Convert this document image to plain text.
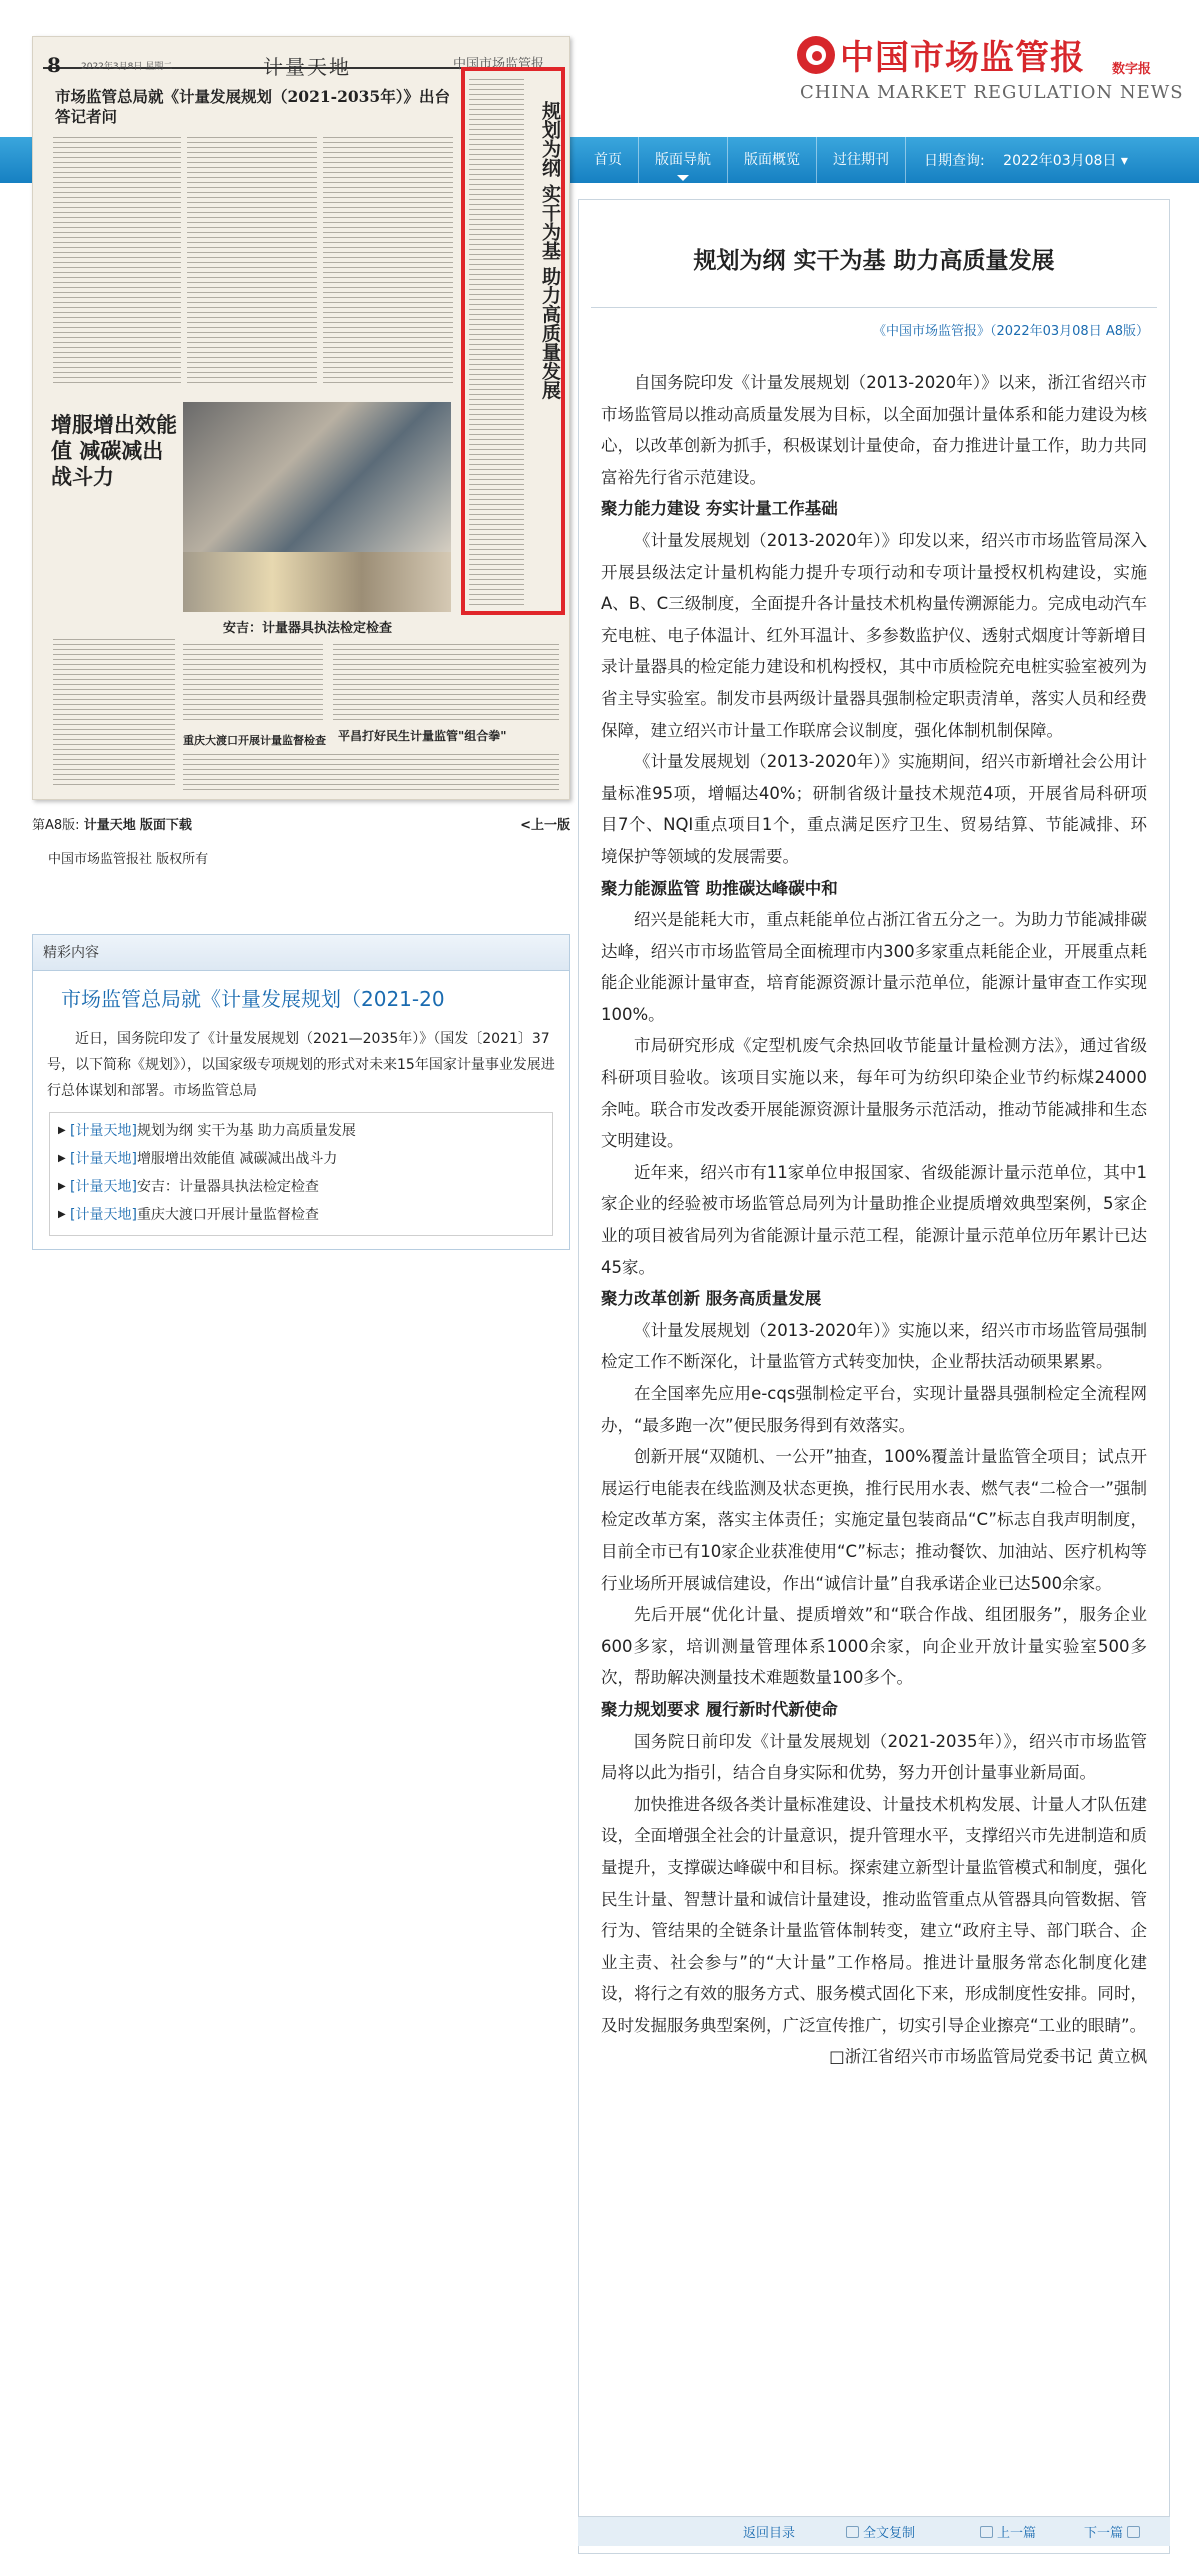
8 2022年3月8日 星期二	计量天地	中国市场监管报
市场监管总局就《计量发展规划（2021-2035年）》出台答记者问
增服增出效能值 减碳减出战斗力
安吉：计量器具执法检定检查
重庆大渡口开展计量监督检查 平昌打好民生计量监管"组合拳"
规划为纲 实干为基 助力高质量发展
第A8版: 计量天地 版面下载	<上一版
中国市场监管报社 版权所有
精彩内容
市场监管总局就《计量发展规划（2021-20
近日，国务院印发了《计量发展规划（2021—2035年）》（国发〔2021〕37号，以下简称《规划》），以国家级专项规划的形式对未来15年国家计量事业发展进行总体谋划和部署。市场监管总局
▶ [计量天地]规划为纲 实干为基 助力高质量发展
▶ [计量天地]增服增出效能值 减碳减出战斗力
▶ [计量天地]安吉：计量器具执法检定检查
▶ [计量天地]重庆大渡口开展计量监督检查
中国市场监管报 数字报
CHINA MARKET REGULATION NEWS
首页	版面导航	版面概览	过往期刊	日期查询: 2022年03月08日 ▾
规划为纲 实干为基 助力高质量发展
《中国市场监管报》（2022年03月08日 A8版）

自国务院印发《计量发展规划（2013-2020年）》以来，浙江省绍兴市市场监管局以推动高质量发展为目标，以全面加强计量体系和能力建设为核心，以改革创新为抓手，积极谋划计量使命，奋力推进计量工作，助力共同富裕先行省示范建设。

聚力能力建设 夯实计量工作基础

《计量发展规划（2013-2020年）》印发以来，绍兴市市场监管局深入开展县级法定计量机构能力提升专项行动和专项计量授权机构建设，实施A、B、C三级制度，全面提升各计量技术机构量传溯源能力。完成电动汽车充电桩、电子体温计、红外耳温计、多参数监护仪、透射式烟度计等新增目录计量器具的检定能力建设和机构授权，其中市质检院充电桩实验室被列为省主导实验室。制发市县两级计量器具强制检定职责清单，落实人员和经费保障，建立绍兴市计量工作联席会议制度，强化体制机制保障。

《计量发展规划（2013-2020年）》实施期间，绍兴市新增社会公用计量标准95项，增幅达40%；研制省级计量技术规范4项，开展省局科研项目7个、NQI重点项目1个，重点满足医疗卫生、贸易结算、节能减排、环境保护等领域的发展需要。

聚力能源监管 助推碳达峰碳中和

绍兴是能耗大市，重点耗能单位占浙江省五分之一。为助力节能减排碳达峰，绍兴市市场监管局全面梳理市内300多家重点耗能企业，开展重点耗能企业能源计量审查，培育能源资源计量示范单位，能源计量审查工作实现100%。

市局研究形成《定型机废气余热回收节能量计量检测方法》，通过省级科研项目验收。该项目实施以来，每年可为纺织印染企业节约标煤24000余吨。联合市发改委开展能源资源计量服务示范活动，推动节能减排和生态文明建设。

近年来，绍兴市有11家单位申报国家、省级能源计量示范单位，其中1家企业的经验被市场监管总局列为计量助推企业提质增效典型案例，5家企业的项目被省局列为省能源计量示范工程，能源计量示范单位历年累计已达45家。

聚力改革创新 服务高质量发展

《计量发展规划（2013-2020年）》实施以来，绍兴市市场监管局强制检定工作不断深化，计量监管方式转变加快，企业帮扶活动硕果累累。

在全国率先应用e-cqs强制检定平台，实现计量器具强制检定全流程网办，“最多跑一次”便民服务得到有效落实。

创新开展“双随机、一公开”抽查，100%覆盖计量监管全项目；试点开展运行电能表在线监测及状态更换，推行民用水表、燃气表“二检合一”强制检定改革方案，落实主体责任；实施定量包装商品“C”标志自我声明制度，目前全市已有10家企业获准使用“C”标志；推动餐饮、加油站、医疗机构等行业场所开展诚信建设，作出“诚信计量”自我承诺企业已达500余家。

先后开展“优化计量、提质增效”和“联合作战、组团服务”，服务企业600多家，培训测量管理体系1000余家，向企业开放计量实验室500多次，帮助解决测量技术难题数量100多个。

聚力规划要求 履行新时代新使命

国务院日前印发《计量发展规划（2021-2035年）》，绍兴市市场监管局将以此为指引，结合自身实际和优势，努力开创计量事业新局面。

加快推进各级各类计量标准建设、计量技术机构发展、计量人才队伍建设，全面增强全社会的计量意识，提升管理水平，支撑绍兴市先进制造和质量提升，支撑碳达峰碳中和目标。探索建立新型计量监管模式和制度，强化民生计量、智慧计量和诚信计量建设，推动监管重点从管器具向管数据、管行为、管结果的全链条计量监管体制转变，建立“政府主导、部门联合、企业主责、社会参与”的“大计量”工作格局。推进计量服务常态化制度化建设，将行之有效的服务方式、服务模式固化下来，形成制度性安排。同时，及时发掘服务典型案例，广泛宣传推广，切实引导企业擦亮“工业的眼睛”。

□浙江省绍兴市市场监管局党委书记 黄立枫

返回目录	全文复制	上一篇	下一篇
